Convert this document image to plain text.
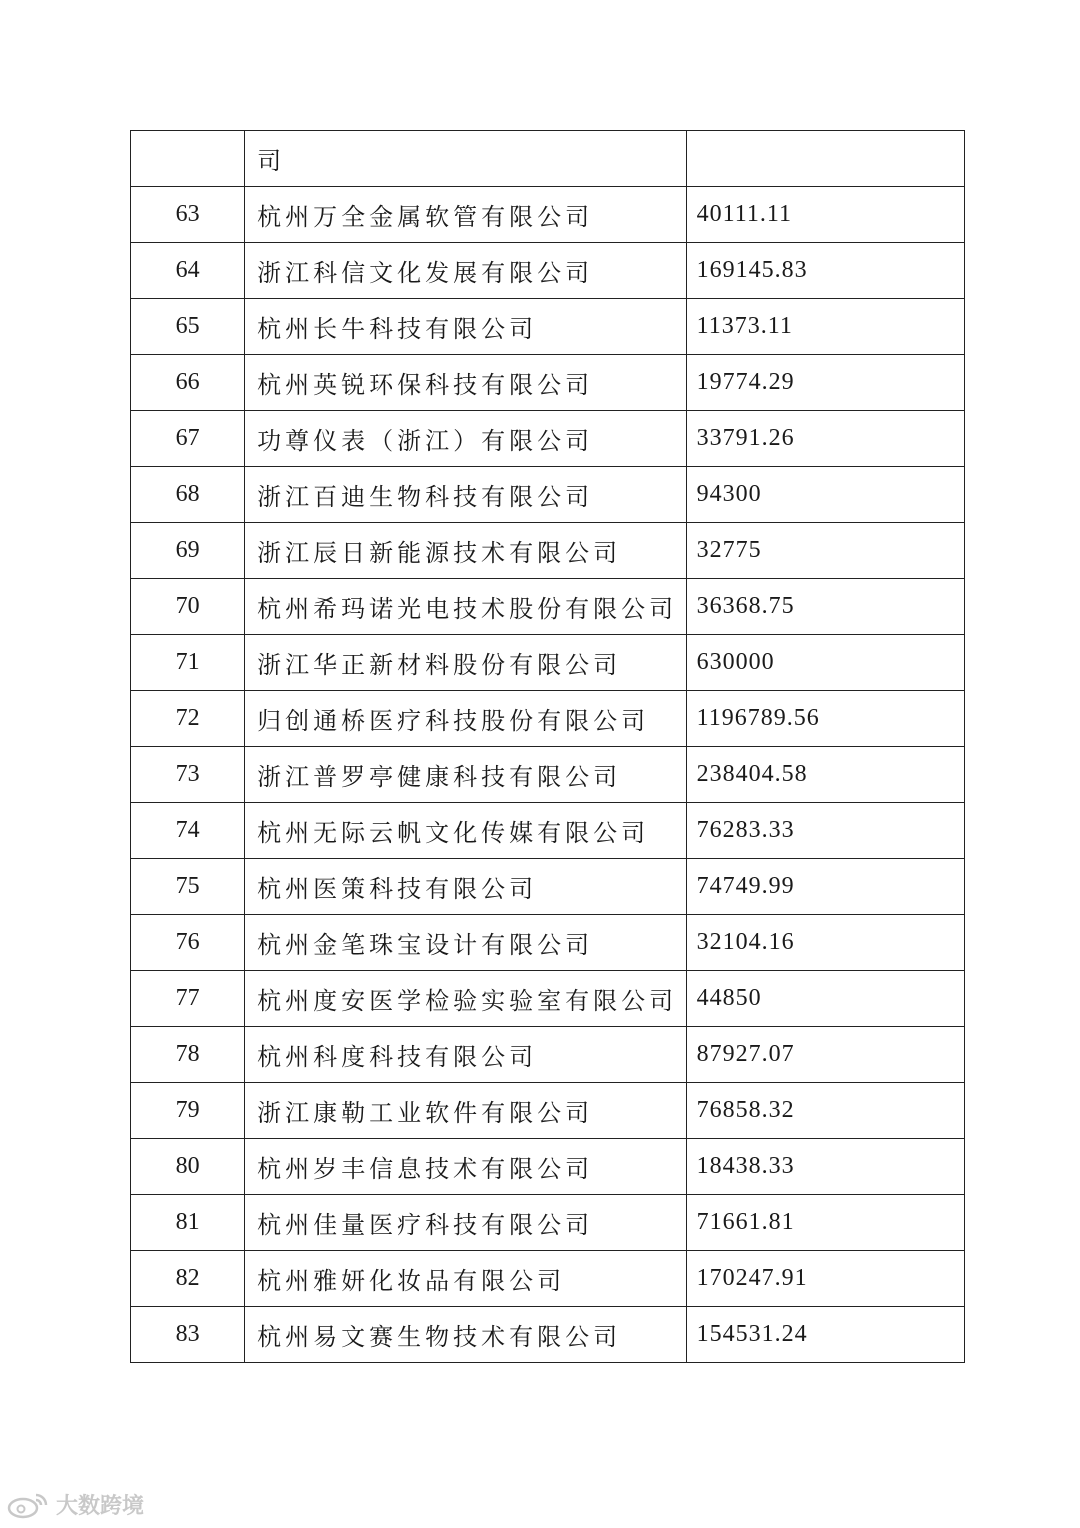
	司	
63	杭州万全金属软管有限公司	40111.11
64	浙江科信文化发展有限公司	169145.83
65	杭州长牛科技有限公司	11373.11
66	杭州英锐环保科技有限公司	19774.29
67	功尊仪表（浙江）有限公司	33791.26
68	浙江百迪生物科技有限公司	94300
69	浙江辰日新能源技术有限公司	32775
70	杭州希玛诺光电技术股份有限公司	36368.75
71	浙江华正新材料股份有限公司	630000
72	归创通桥医疗科技股份有限公司	1196789.56
73	浙江普罗亭健康科技有限公司	238404.58
74	杭州无际云帆文化传媒有限公司	76283.33
75	杭州医策科技有限公司	74749.99
76	杭州金笔珠宝设计有限公司	32104.16
77	杭州度安医学检验实验室有限公司	44850
78	杭州科度科技有限公司	87927.07
79	浙江康勒工业软件有限公司	76858.32
80	杭州岁丰信息技术有限公司	18438.33
81	杭州佳量医疗科技有限公司	71661.81
82	杭州雅妍化妆品有限公司	170247.91
83	杭州易文赛生物技术有限公司	154531.24
大数跨境
